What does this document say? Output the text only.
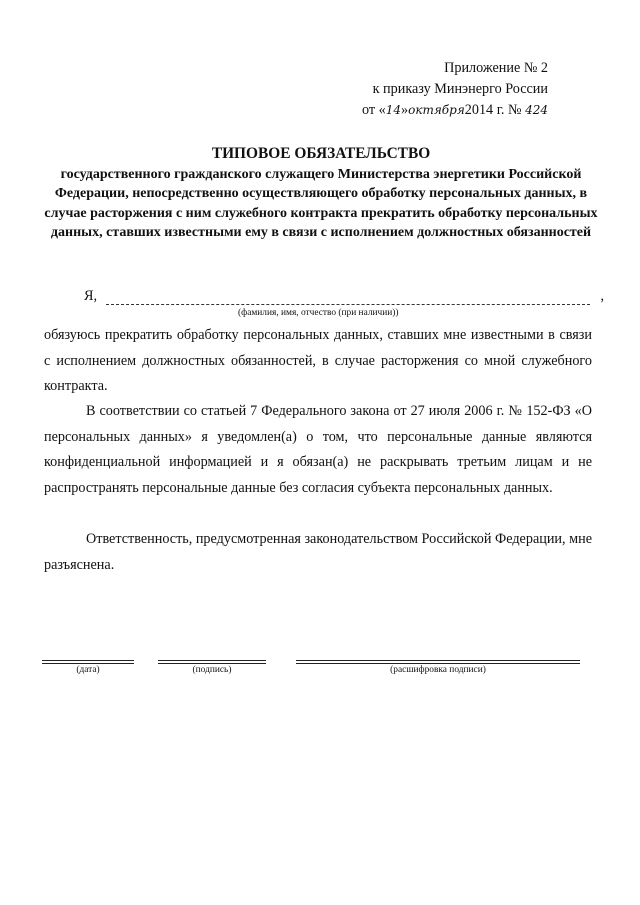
Приложение № 2
к приказу Минэнерго России
от «14»октября2014 г. № 424
ТИПОВОЕ ОБЯЗАТЕЛЬСТВО
государственного гражданского служащего Министерства энергетики Российской Федерации, непосредственно осуществляющего обработку персональных данных, в случае расторжения с ним служебного контракта прекратить обработку персональных данных, ставших известными ему в связи с исполнением должностных обязанностей
Я,	,
(фамилия, имя, отчество (при наличии))
обязуюсь прекратить обработку персональных данных, ставших мне известными в связи с исполнением должностных обязанностей, в случае расторжения со мной служебного контракта.
В соответствии со статьей 7 Федерального закона от 27 июля 2006 г. № 152-ФЗ «О персональных данных» я уведомлен(а) о том, что персональные данные являются конфиденциальной информацией и я обязан(а) не раскрывать третьим лицам и не распространять персональные данные без согласия субъекта персональных данных.
Ответственность, предусмотренная законодательством Российской Федерации, мне разъяснена.
(дата)	(подпись)	(расшифровка подписи)
